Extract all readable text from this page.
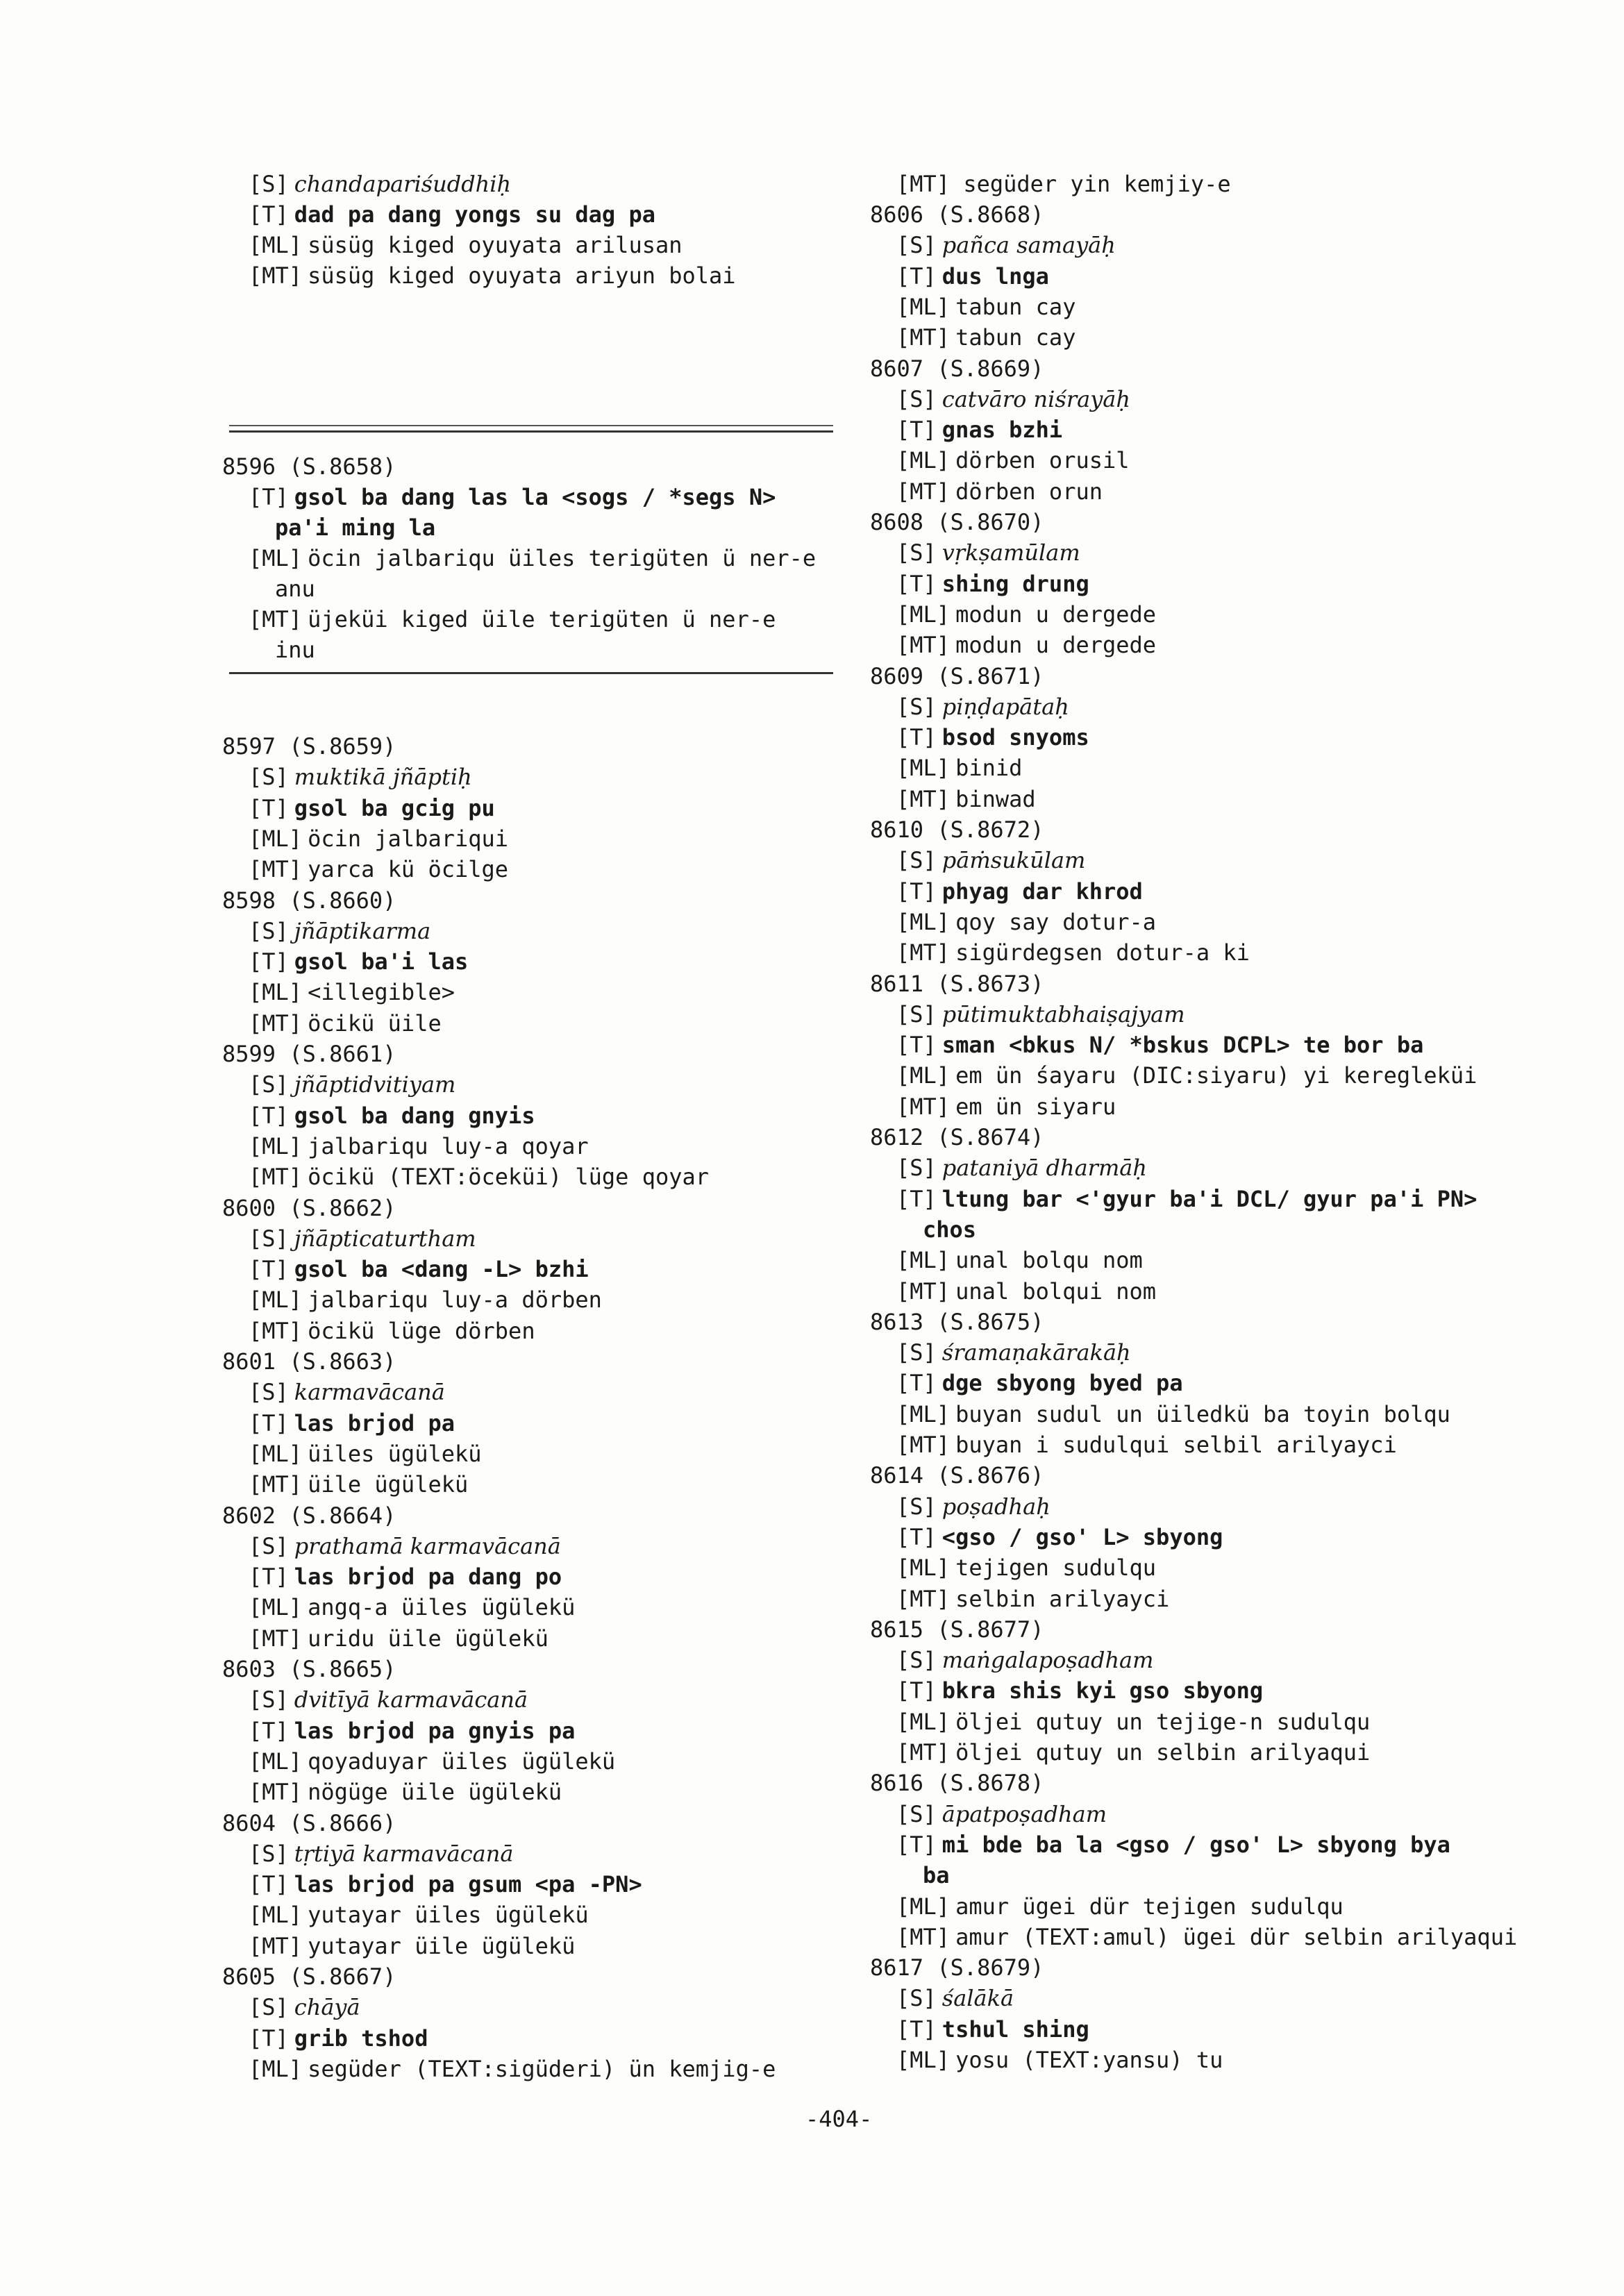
[S] chandapariśuddhiḥ
[T] dad pa dang yongs su dag pa
[ML] süsüg kiged oyuyata arilusan
[MT] süsüg kiged oyuyata ariyun bolai
8596 (S.8658)
[T] gsol ba dang las la <sogs / *segs N>
pa'i ming la
[ML] öcin jalbariqu üiles terigüten ü ner-e
anu
[MT] üjeküi kiged üile terigüten ü ner-e
inu
8597 (S.8659)
[S] muktikā jñāptiḥ
[T] gsol ba gcig pu
[ML] öcin jalbariqui
[MT] yarca kü öcilge
8598 (S.8660)
[S] jñāptikarma
[T] gsol ba'i las
[ML] <illegible>
[MT] öcikü üile
8599 (S.8661)
[S] jñāptidvitiyam
[T] gsol ba dang gnyis
[ML] jalbariqu luy-a qoyar
[MT] öcikü (TEXT:öceküi) lüge qoyar
8600 (S.8662)
[S] jñāpticaturtham
[T] gsol ba <dang -L> bzhi
[ML] jalbariqu luy-a dörben
[MT] öcikü lüge dörben
8601 (S.8663)
[S] karmavācanā
[T] las brjod pa
[ML] üiles ügülekü
[MT] üile ügülekü
8602 (S.8664)
[S] prathamā karmavācanā
[T] las brjod pa dang po
[ML] angq-a üiles ügülekü
[MT] uridu üile ügülekü
8603 (S.8665)
[S] dvitīyā karmavācanā
[T] las brjod pa gnyis pa
[ML] qoyaduyar üiles ügülekü
[MT] nögüge üile ügülekü
8604 (S.8666)
[S] tṛtiyā karmavācanā
[T] las brjod pa gsum <pa -PN>
[ML] yutayar üiles ügülekü
[MT] yutayar üile ügülekü
8605 (S.8667)
[S] chāyā
[T] grib tshod
[ML] següder (TEXT:sigüderi) ün kemjig-e
[MT] següder yin kemjiy-e
8606 (S.8668)
[S] pañca samayāḥ
[T] dus lnga
[ML] tabun cay
[MT] tabun cay
8607 (S.8669)
[S] catvāro niśrayāḥ
[T] gnas bzhi
[ML] dörben orusil
[MT] dörben orun
8608 (S.8670)
[S] vṛkṣamūlam
[T] shing drung
[ML] modun u dergede
[MT] modun u dergede
8609 (S.8671)
[S] piṇḍapātaḥ
[T] bsod snyoms
[ML] binid
[MT] binwad
8610 (S.8672)
[S] pāṁsukūlam
[T] phyag dar khrod
[ML] qoy say dotur-a
[MT] sigürdegsen dotur-a ki
8611 (S.8673)
[S] pūtimuktabhaiṣajyam
[T] sman <bkus N/ *bskus DCPL> te bor ba
[ML] em ün śayaru (DIC:siyaru) yi keregleküi
[MT] em ün siyaru
8612 (S.8674)
[S] pataniyā dharmāḥ
[T] ltung bar <'gyur ba'i DCL/ gyur pa'i PN>
chos
[ML] unal bolqu nom
[MT] unal bolqui nom
8613 (S.8675)
[S] śramaṇakārakāḥ
[T] dge sbyong byed pa
[ML] buyan sudul un üiledkü ba toyin bolqu
[MT] buyan i sudulqui selbil arilyayci
8614 (S.8676)
[S] poṣadhaḥ
[T] <gso / gso' L> sbyong
[ML] tejigen sudulqu
[MT] selbin arilyayci
8615 (S.8677)
[S] maṅgalapoṣadham
[T] bkra shis kyi gso sbyong
[ML] öljei qutuy un tejige-n sudulqu
[MT] öljei qutuy un selbin arilyaqui
8616 (S.8678)
[S] āpatpoṣadham
[T] mi bde ba la <gso / gso' L> sbyong bya
ba
[ML] amur ügei dür tejigen sudulqu
[MT] amur (TEXT:amul) ügei dür selbin arilyaqui
8617 (S.8679)
[S] śalākā
[T] tshul shing
[ML] yosu (TEXT:yansu) tu
-404-
